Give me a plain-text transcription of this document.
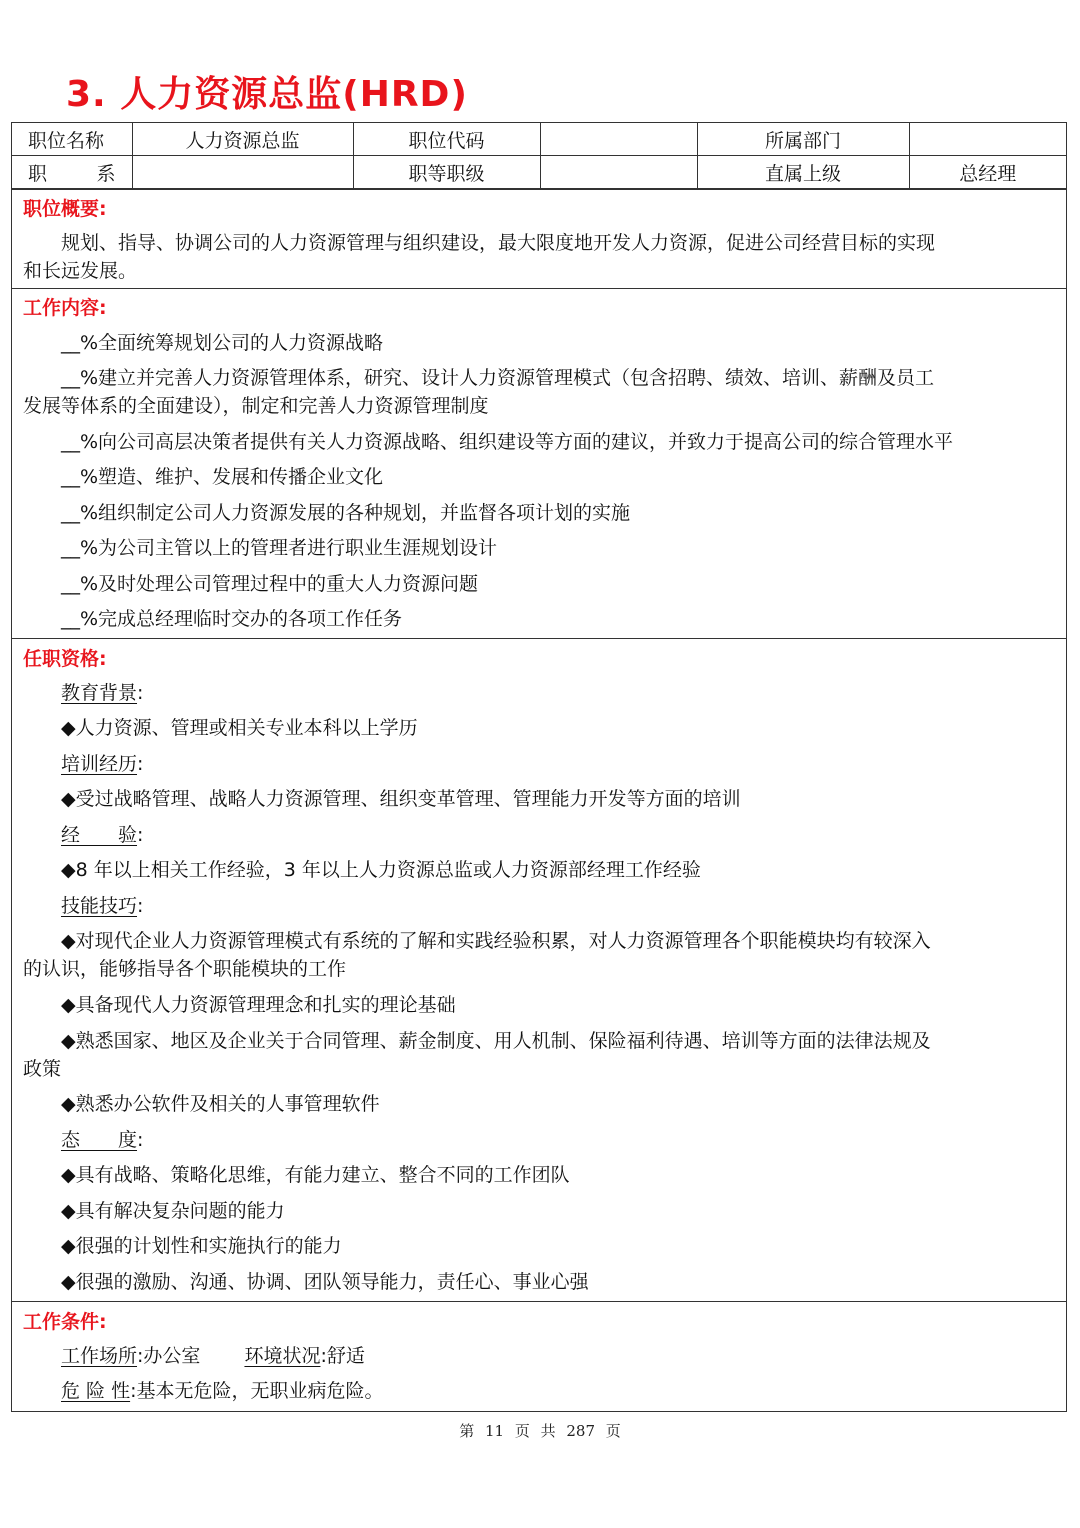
3. 人力资源总监(HRD)
职位名称	人力资源总监	职位代码		所属部门	

职 系		职等职级		直属上级	总经理
职位概要:
规划、指导、协调公司的人力资源管理与组织建设，最大限度地开发人力资源，促进公司经营目标的实现
和长远发展。
工作内容:
__%全面统筹规划公司的人力资源战略
__%建立并完善人力资源管理体系，研究、设计人力资源管理模式（包含招聘、绩效、培训、薪酬及员工
发展等体系的全面建设），制定和完善人力资源管理制度
__%向公司高层决策者提供有关人力资源战略、组织建设等方面的建议，并致力于提高公司的综合管理水平
__%塑造、维护、发展和传播企业文化
__%组织制定公司人力资源发展的各种规划，并监督各项计划的实施
__%为公司主管以上的管理者进行职业生涯规划设计
__%及时处理公司管理过程中的重大人力资源问题
__%完成总经理临时交办的各项工作任务
任职资格:
教育背景:
◆人力资源、管理或相关专业本科以上学历
培训经历:
◆受过战略管理、战略人力资源管理、组织变革管理、管理能力开发等方面的培训
经　　验:
◆8 年以上相关工作经验，3 年以上人力资源总监或人力资源部经理工作经验
技能技巧:
◆对现代企业人力资源管理模式有系统的了解和实践经验积累，对人力资源管理各个职能模块均有较深入
的认识，能够指导各个职能模块的工作
◆具备现代人力资源管理理念和扎实的理论基础
◆熟悉国家、地区及企业关于合同管理、薪金制度、用人机制、保险福利待遇、培训等方面的法律法规及
政策
◆熟悉办公软件及相关的人事管理软件
态　　度:
◆具有战略、策略化思维，有能力建立、整合不同的工作团队
◆具有解决复杂问题的能力
◆很强的计划性和实施执行的能力
◆很强的激励、沟通、协调、团队领导能力，责任心、事业心强
工作条件:
工作场所:办公室 环境状况:舒适
危 险 性:基本无危险，无职业病危险。
第 11 页 共 287 页
